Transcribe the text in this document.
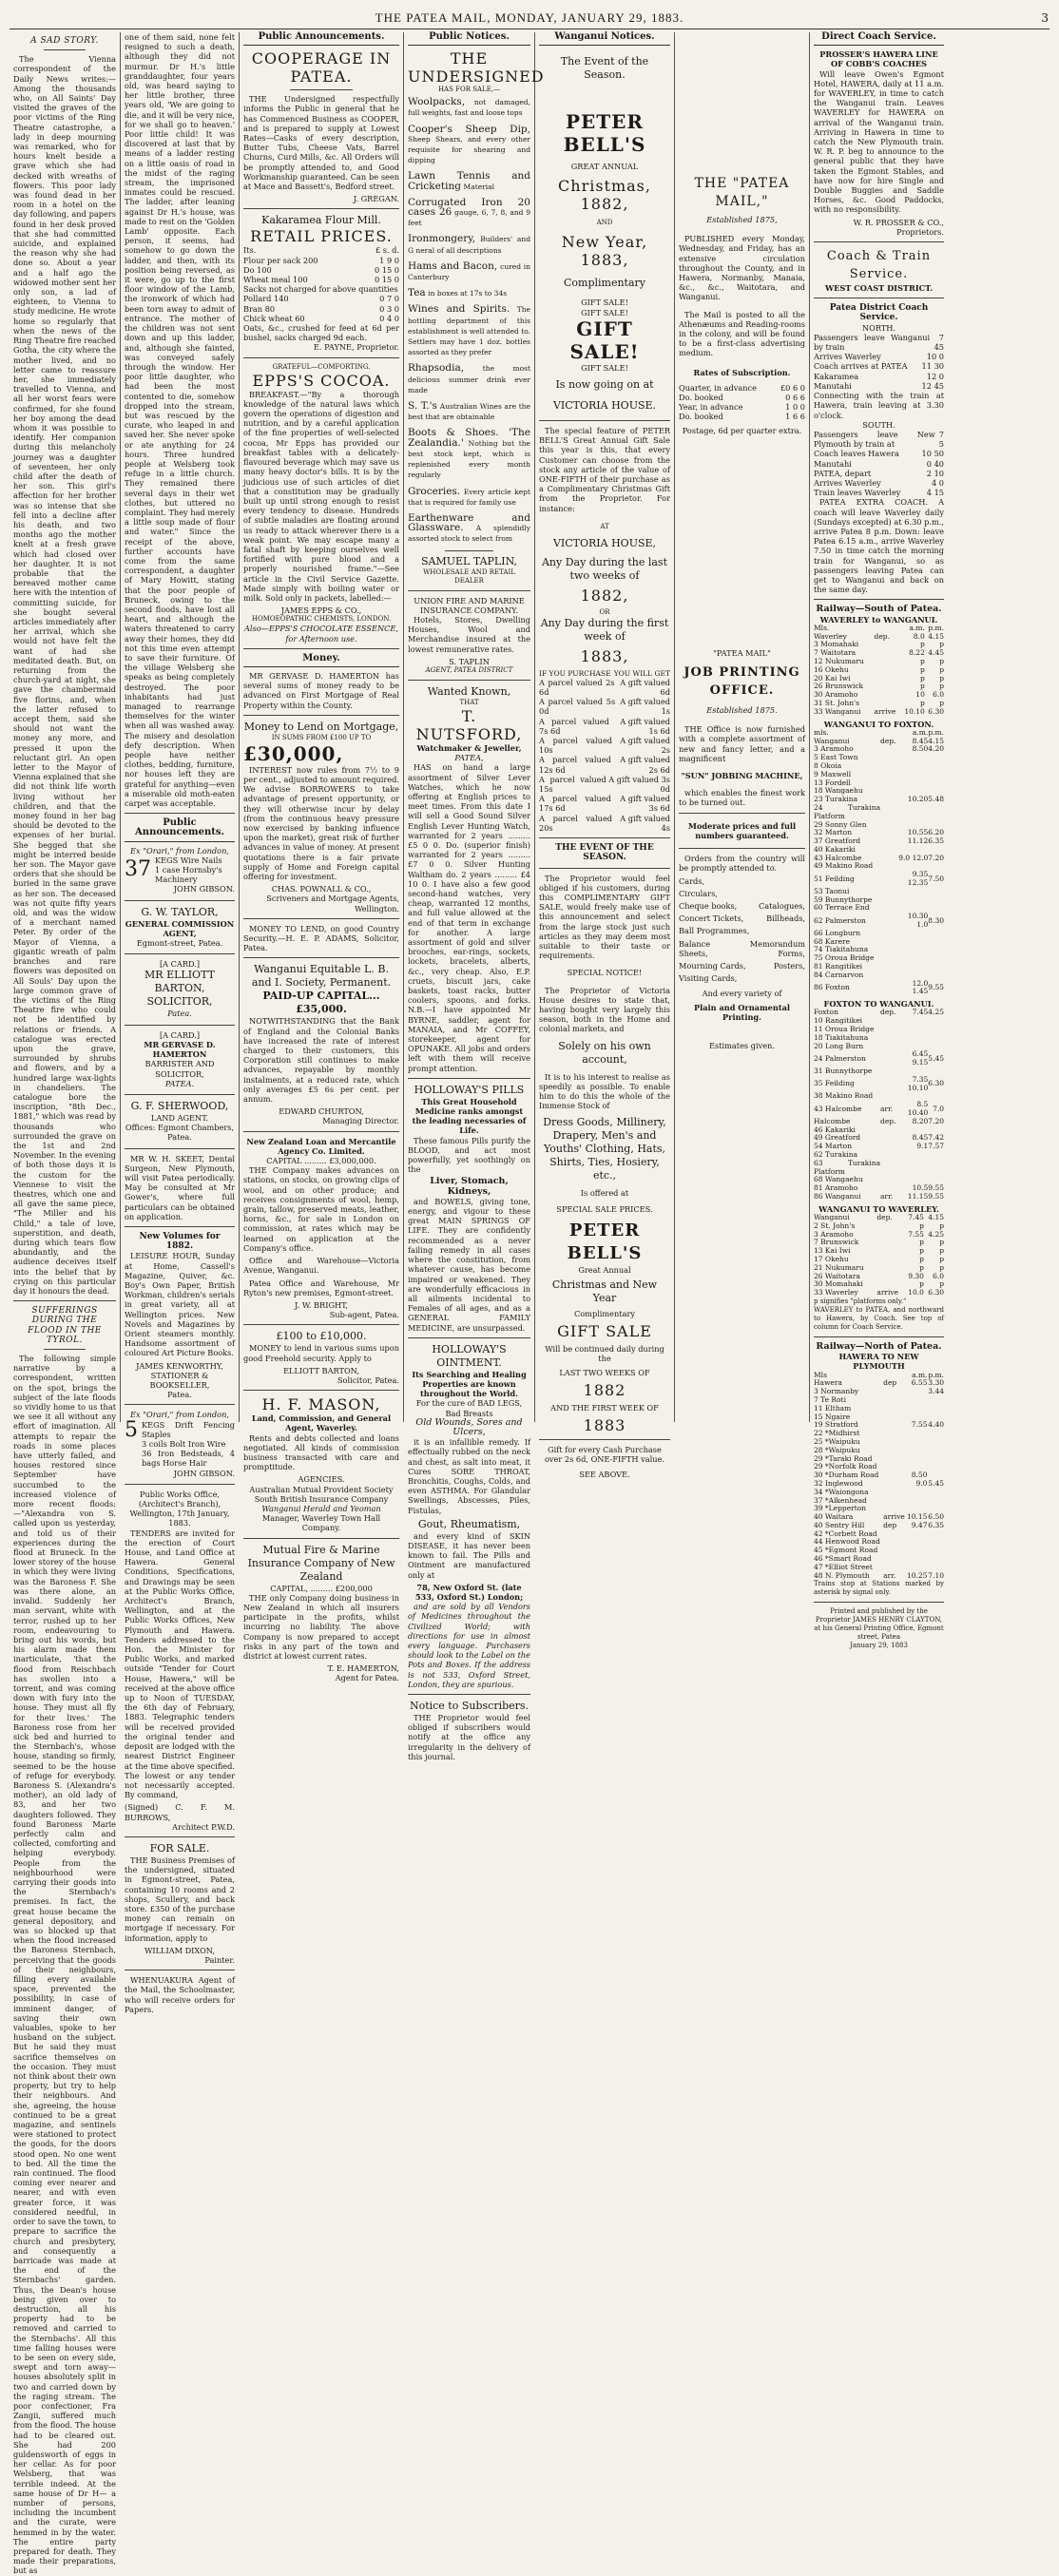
THE PATEA MAIL, MONDAY, JANUARY 29, 1883.	3
A SAD STORY.

The Vienna correspondent of the Daily News writes:—Among the thousands who, on All Saints' Day visited the graves of the poor victims of the Ring Theatre catastrophe, a lady in deep mourning was remarked, who for hours knelt beside a grave which she had decked with wreaths of flowers. This poor lady was found dead in her room in a hotel on the day following, and papers found in her desk proved that she had committed suicide, and explained the reason why she had done so. About a year and a half ago the widowed mother sent her only son, a lad of eighteen, to Vienna to study medicine. He wrote home so regularly that when the news of the Ring Theatre fire reached Gotha, the city where the mother lived, and no letter came to reassure her, she immediately travelled to Vienna, and all her worst fears were confirmed, for she found her boy among the dead whom it was possible to identify. Her companion during this melancholy journey was a daughter of seventeen, her only child after the death of her son. This girl's affection for her brother was so intense that she fell into a decline after his death, and two months ago the mother knelt at a fresh grave which had closed over her daughter. It is not probable that the bereaved mother came here with the intention of committing suicide, for she bought several articles immediately after her arrival, which she would not have felt the want of had she meditated death. But, on returning from the church-yard at night, she gave the chambermaid five florins, and, when the latter refused to accept them, said she should not want the money any more, and pressed it upon the reluctant girl. An open letter to the Mayor of Vienna explained that she did not think life worth living without her children, and that the money found in her bag should be devoted to the expenses of her burial. She begged that she might be interred beside her son. The Mayor gave orders that she should be buried in the same grave as her son. The deceased was not quite fifty years old, and was the widow of a merchant named Peter. By order of the Mayor of Vienna, a gigantic wreath of palm branches and rare flowers was deposited on All Souls' Day upon the large common grave of the victims of the Ring Theatre fire who could not be identified by relations or friends. A catalogue was erected upon the grave, surrounded by shrubs and flowers, and by a hundred large wax-lights in chandeliers. The catalogue bore the inscription, "8th Dec., 1881," which was read by thousands who surrounded the grave on the 1st and 2nd November. In the evening of both those days it is the custom for the Viennese to visit the theatres, which one and all gave the same piece, "The Miller and his Child," a tale of love, superstition, and death, during which tears flow abundantly, and the audience deceives itself into the belief that by crying on this particular day it honours the dead.

SUFFERINGS DURING THE FLOOD IN THE TYROL.

The following simple narrative by a correspondent, written on the spot, brings the subject of the late floods so vividly home to us that we see it all without any effort of imagination. All attempts to repair the roads in some places have utterly failed, and houses restored since September have succumbed to the increased violence of more recent floods:—"Alexandra von S. called upon us yesterday, and told us of their experiences during the flood at Bruneck. In the lower storey of the house in which they were living was the Baroness F. She was there alone, an invalid. Suddenly her man servant, white with terror, rushed up to her room, endeavouring to bring out his words, but his alarm made them inarticulate, 'that the flood from Reischbach has swollen into a torrent, and was coming down with fury into the house. They must all fly for their lives.' The Baroness rose from her sick bed and hurried to the Sternbach's, whose house, standing so firmly, seemed to be the house of refuge for everybody. Baroness S. (Alexandra's mother), an old lady of 83, and her two daughters followed. They found Baroness Marie perfectly calm and collected, comforting and helping everybody. People from the neighbourhood were carrying their goods into the Sternbach's premises. In fact, the great house became the general depository, and was so blocked up that when the flood increased the Baroness Sternbach, perceiving that the goods of their neighbours, filling every available space, prevented the possibility, in case of imminent danger, of saving their own valuables, spoke to her husband on the subject. But he said they must sacrifice themselves on the occasion. They must not think about their own property, but try to help their neighbours. And she, agreeing, the house continued to be a great magazine, and sentinels were stationed to protect the goods, for the doors stood open. No one went to bed. All the time the rain continued. The flood coming ever nearer and nearer, and with even greater force, it was considered needful, in order to save the town, to prepare to sacrifice the church and presbytery, and consequently a barricade was made at the end of the Sternbachs' garden. Thus, the Dean's house being given over to destruction, all his property had to be removed and carried to the Sternbachs'. All this time falling houses were to be seen on every side, swept and torn away—houses absolutely split in two and carried down by the raging stream. The poor confectioner, Fra Zangii, suffered much from the flood. The house had to be cleared out. She had 200 guldensworth of eggs in her cellar. As for poor Welsberg, that was terrible indeed. At the same house of Dr H— a number of persons, including the incumbent and the curate, were hemmed in by the water. The entire party prepared for death. They made their preparations, but as

one of them said, none felt resigned to such a death, although they did not murmur. Dr H.'s little granddaughter, four years old, was heard saying to her little brother, three years old, 'We are going to die, and it will be very nice, for we shall go to heaven.' Poor little child! It was discovered at last that by means of a ladder resting on a little oasis of road in the midst of the raging stream, the imprisoned inmates could be rescued. The ladder, after leaning against Dr H.'s house, was made to rest on the 'Golden Lamb' opposite. Each person, it seems, had somehow to go down the ladder, and then, with its position being reversed, as it were, go up to the first floor window of the Lamb, the ironwork of which had been torn away to admit of entrance. The mother of the children was not sent down and up this ladder, and, although she fainted, was conveyed safely through the window. Her poor little daughter, who had been the most contented to die, somehow dropped into the stream, but was rescued by the curate, who leaped in and saved her. She never spoke or ate anything for 24 hours. Three hundred people at Welsberg took refuge in a little church. They remained there several days in their wet clothes, but uttered no complaint. They had merely a little soup made of flour and water." Since the receipt of the above, further accounts have come from the same correspondent, a daughter of Mary Howitt, stating that the poor people of Bruneck, owing to the second floods, have lost all heart, and although the waters threatened to carry away their homes, they did not this time even attempt to save their furniture. Of the village Welsberg she speaks as being completely destroyed. The poor inhabitants had just managed to rearrange themselves for the winter when all was washed away. The misery and desolation defy description. When people have neither clothes, bedding, furniture, nor houses left they are grateful for anything—even a miserable old moth-eaten carpet was acceptable.

Public Announcements.
Ex "Orari," from London,
37 KEGS Wire Nails
1 case Hornsby's Machinery
JOHN GIBSON.
G. W. TAYLOR,
GENERAL COMMISSION AGENT,
Egmont-street, Patea.
[A CARD.]
MR ELLIOTT BARTON,
SOLICITOR,
Patea.
[A CARD.]
MR GERVASE D. HAMERTON
BARRISTER AND SOLICITOR,
PATEA.
G. F. SHERWOOD,
LAND AGENT.
Offices: Egmont Chambers, Patea.

MR W. H. SKEET, Dental Surgeon, New Plymouth, will visit Patea periodically. May be consulted at Mr Gower's, where full particulars can be obtained on application.

New Volumes for 1882.

LEISURE HOUR, Sunday at Home, Cassell's Magazine, Quiver, &c. Boy's Own Paper, British Workman, children's serials in great variety, all at Wellington prices. New Novels and Magazines by Orient steamers monthly. Handsome assortment of coloured Art Picture Books.

JAMES KENWORTHY,
STATIONER & BOOKSELLER,
Patea.
Ex "Orari," from London,
5 KEGS Drift Fencing Staples
3 coils Bolt Iron Wire
36 Iron Bedsteads, 4 bags Horse Hair
JOHN GIBSON.
Public Works Office,
(Architect's Branch),
Wellington, 17th January, 1883.

TENDERS are invited for the erection of Court House, and Land Office at Hawera. General Conditions, Specifications, and Drawings may be seen at the Public Works Office, Architect's Branch, Wellington, and at the Public Works Offices, New Plymouth and Hawera. Tenders addressed to the Hon. the Minister for Public Works, and marked outside "Tender for Court House, Hawera," will be received at the above office up to Noon of TUESDAY, the 6th day of February, 1883. Telegraphic tenders will be received provided the original tender and deposit are lodged with the nearest District Engineer at the time above specified. The lowest or any tender not necessarily accepted. By command,

(Signed) C. F. M. BURROWS,
Architect P.W.D.
FOR SALE.

THE Business Premises of the undersigned, situated in Egmont-street, Patea, containing 10 rooms and 2 shops, Scullery, and back store. £350 of the purchase money can remain on mortgage if necessary. For information, apply to

WILLIAM DIXON,
Painter.

WHENUAKURA Agent of the Mail, the Schoolmaster, who will receive orders for Papers.

Public Announcements.
COOPERAGE IN PATEA.

THE Undersigned respectfully informs the Public in general that he has Commenced Business as COOPER, and is prepared to supply at Lowest Rates—Casks of every description, Butter Tubs, Cheese Vats, Barrel Churns, Curd Mills, &c. All Orders will be promptly attended to, and Good Workmanship guaranteed. Can be seen at Mace and Bassett's, Bedford street.

J. GREGAN.
Kakaramea Flour Mill.
RETAIL PRICES.
Its.	£ s. d.
Flour per sack 200	1 9 0
Do 100	0 15 0
Wheat meal 100	0 15 0
Sacks not charged for above quantities
Pollard 140	0 7 0
Bran 80	0 3 0
Chick wheat 60	0 4 0
Oats, &c., crushed for feed at 6d per bushel, sacks charged 9d each.
E. PAYNE, Proprietor.
GRATEFUL—COMFORTING.
EPPS'S COCOA.

BREAKFAST.—"By a thorough knowledge of the natural laws which govern the operations of digestion and nutrition, and by a careful application of the fine properties of well-selected cocoa, Mr Epps has provided our breakfast tables with a delicately-flavoured beverage which may save us many heavy doctor's bills. It is by the judicious use of such articles of diet that a constitution may be gradually built up until strong enough to resist every tendency to disease. Hundreds of subtle maladies are floating around us ready to attack wherever there is a weak point. We may escape many a fatal shaft by keeping ourselves well fortified with pure blood and a properly nourished frame."—See article in the Civil Service Gazette. Made simply with boiling water or milk. Sold only in packets, labelled:—

JAMES EPPS & CO.,
HOMOEOPATHIC CHEMISTS, LONDON.
Also—EPPS'S CHOCOLATE ESSENCE, for Afternoon use.
Money.

MR GERVASE D. HAMERTON has several sums of money ready to be advanced on First Mortgage of Real Property within the County.

Money to Lend on Mortgage,
IN SUMS FROM £100 UP TO
£30,000,

INTEREST now rules from 7½ to 9 per cent., adjusted to amount required. We advise BORROWERS to take advantage of present opportunity, or they will otherwise incur by delay (from the continuous heavy pressure now exercised by banking influence upon the market), great risk of further advances in value of money. At present quotations there is a fair private supply of Home and Foreign capital offering for investment.

CHAS. POWNALL & CO.,
Scriveners and Mortgage Agents, Wellington.

MONEY TO LEND, on good Country Security.—H. E. P. ADAMS, Solicitor, Patea.

Wanganui Equitable L. B. and I. Society, Permanent.
PAID-UP CAPITAL...£35,000.

NOTWITHSTANDING that the Bank of England and the Colonial Banks have increased the rate of interest charged to their customers, this Corporation still continues to make advances, repayable by monthly instalments, at a reduced rate, which only averages £5 6s per cent. per annum.

EDWARD CHURTON,
Managing Director.
New Zealand Loan and Mercantile Agency Co. Limited.
CAPITAL ......... £3,000,000.

THE Company makes advances on stations, on stocks, on growing clips of wool, and on other produce; and receives consignments of wool, hemp, grain, tallow, preserved meats, leather, horns, &c., for sale in London on commission, at rates which may be learned on application at the Company's office.

Office and Warehouse—Victoria Avenue, Wanganui.

Patea Office and Warehouse, Mr Ryton's new premises, Egmont-street.

J. W. BRIGHT,
Sub-agent, Patea.
£100 to £10,000.

MONEY to lend in various sums upon good Freehold security. Apply to

ELLIOTT BARTON,
Solicitor, Patea.
H. F. MASON,
Land, Commission, and General Agent, Waverley.

Rents and debts collected and loans negotiated. All kinds of commission business transacted with care and promptitude.

AGENCIES.
Australian Mutual Provident Society
South British Insurance Company
Wanganui Herald and Yeoman
Manager, Waverley Town Hall Company.
Mutual Fire & Marine Insurance Company of New Zealand
CAPITAL, ......... £200,000

THE only Company doing business in New Zealand in which all insurers participate in the profits, whilst incurring no liability. The above Company is now prepared to accept risks in any part of the town and district at lowest current rates.

T. E. HAMERTON,
Agent for Patea.
Public Notices.
THE UNDERSIGNED
HAS FOR SALE,—
Woolpacks, not damaged, full weights, fast and loose tops
Cooper's Sheep Dip, Sheep Shears, and every other requisite for shearing and dipping
Lawn Tennis and Cricketing Material
Corrugated Iron 20 cases 26 gauge, 6, 7, 8, and 9 feet
Ironmongery, Builders' and G neral of all descriptions
Hams and Bacon, cured in Canterbury
Tea in boxes at 17s to 34s
Wines and Spirits. The bottling department of this establishment is well attended to. Settlers may have 1 doz. bottles assorted as they prefer
Rhapsodia,	the most delicious summer drink ever made
S. T.'s Australian Wines are the best that are obtainable
Boots & Shoes. 'The Zealandia.' Nothing but the best stock kept, which is replenished every month regularly
Groceries. Every article kept that is required for family use
Earthenware and Glassware. A splendidly assorted stock to select from
SAMUEL TAPLIN,
WHOLESALE AND RETAIL DEALER
UNION FIRE AND MARINE INSURANCE COMPANY.

Hotels, Stores, Dwelling Houses, Wool and Merchandise insured at the lowest remunerative rates.

S. TAPLIN
AGENT, PATEA DISTRICT
Wanted Known,
THAT
T. NUTSFORD,
Watchmaker & Jeweller,
PATEA,

HAS on hand a large assortment of Silver Lever Watches, which he now offering at English prices to meet times. From this date I will sell a Good Sound Silver English Lever Hunting Watch, warranted for 2 years ......... £5 0 0. Do. (superior finish) warranted for 2 years ......... £7 0 0. Silver Hunting Waltham do. 2 years ......... £4 10 0. I have also a few good second-hand watches, very cheap, warranted 12 months, and full value allowed at the end of that term in exchange for another. A large assortment of gold and silver brooches, ear-rings, sockets, lockets, bracelets, alberts, &c., very cheap. Also, E.P. cruets, biscuit jars, cake baskets, toast racks, butter coolers, spoons, and forks. N.B.—I have appointed Mr BYRNE, saddler, agent for MANAIA, and Mr COFFEY, storekeeper, agent for OPUNAKE. All jobs and orders left with them will receive prompt attention.

HOLLOWAY'S PILLS
This Great Household Medicine ranks amongst the leading necessaries of Life.

These famous Pills purify the BLOOD, and act most powerfully, yet soothingly on the

Liver, Stomach, Kidneys,

and BOWELS, giving tone, energy, and vigour to these great MAIN SPRINGS OF LIFE. They are confidently recommended as a never failing remedy in all cases where the constitution, from whatever cause, has become impaired or weakened. They are wonderfully efficacious in all ailments incidental to Females of all ages, and as a GENERAL FAMILY MEDICINE, are unsurpassed.

HOLLOWAY'S OINTMENT.
Its Searching and Healing Properties are known throughout the World.
For the cure of BAD LEGS, Bad Breasts
Old Wounds, Sores and Ulcers,

it is an infallible remedy. If effectually rubbed on the neck and chest, as salt into meat, it Cures SORE THROAT, Bronchitis, Coughs, Colds, and even ASTHMA. For Glandular Swellings, Abscesses, Piles, Fistulas,

Gout, Rheumatism,

and every kind of SKIN DISEASE, it has never been known to fail. The Pills and Ointment are manufactured only at

78, New Oxford St. (late 533, Oxford St.) London;

and are sold by all Vendors of Medicines throughout the Civilized World; with directions for use in almost every language. Purchasers should look to the Label on the Pots and Boxes. If the address is not 533, Oxford Street, London, they are spurious.

Notice to Subscribers.

THE Proprietor would feel obliged if subscribers would notify at the office any irregularity in the delivery of this journal.

Wanganui Notices.
The Event of the Season.
PETER BELL'S
GREAT ANNUAL
Christmas, 1882,
AND
New Year, 1883,
Complimentary
GIFT SALE!
GIFT SALE!
GIFT SALE!
GIFT SALE!
Is now going on at
VICTORIA HOUSE.

The special feature of PETER BELL'S Great Annual Gift Sale this year is this, that every Customer can choose from the stock any article of the value of ONE-FIFTH of their purchase as a Complimentary Christmas Gift from the Proprietor. For instance:

AT
VICTORIA HOUSE,
Any Day during the last two weeks of
1882,
OR
Any Day during the first week of
1883,
IF YOU PURCHASE YOU WILL GET
A parcel valued 2s 6d
A gift valued 6d
A parcel valued 5s 0d
A gift valued 1s
A parcel valued 7s 6d
A gift valued 1s 6d
A parcel valued 10s
A gift valued 2s
A parcel valued 12s 6d
A gift valued 2s 6d
A parcel valued 15s
A gift valued 3s 0d
A parcel valued 17s 6d
A gift valued 3s 6d
A parcel valued 20s
A gift valued 4s
THE EVENT OF THE SEASON.

The Proprietor would feel obliged if his customers, during this COMPLIMENTARY GIFT SALE, would freely make use of this announcement and select from the large stock just such articles as they may deem most suitable to their taste or requirements.

SPECIAL NOTICE!

The Proprietor of Victoria House desires to state that, having bought very largely this season, both in the Home and colonial markets, and

Solely on his own account,

It is to his interest to realise as speedily as possible. To enable him to do this the whole of the Immense Stock of

Dress Goods, Millinery, Drapery, Men's and Youths' Clothing, Hats, Shirts, Ties, Hosiery, etc.,
Is offered at
SPECIAL SALE PRICES.
PETER BELL'S
Great Annual
Christmas and New Year
Complimentary
GIFT SALE
Will be continued daily during the
LAST TWO WEEKS OF
1882
AND THE FIRST WEEK OF
1883
Gift for every Cash Purchase over 2s 6d, ONE-FIFTH value.
SEE ABOVE.
THE "PATEA MAIL,"
Established 1875,

PUBLISHED every Monday, Wednesday, and Friday, has an extensive circulation throughout the County, and in Hawera, Normanby, Manaia, &c., &c., Waitotara, and Wanganui.

The Mail is posted to all the Athenæums and Reading-rooms in the colony, and will be found to be a first-class advertising medium.

Rates of Subscription.
Quarter, in advance	£0 6 0
Do. booked	0 6 6
Year, in advance	1 0 0
Do. booked	1 6 6
Postage, 6d per quarter extra.
"PATEA MAIL"
JOB PRINTING OFFICE.
Established 1875.

THE Office is now furnished with a complete assortment of new and fancy letter, and a magnificent

"SUN" JOBBING MACHINE,

which enables the finest work to be turned out.

Moderate prices and full numbers guaranteed.

Orders from the country will be promptly attended to.

Cards,
Circulars,
Cheque books,	Catalogues,
Concert Tickets,	Billheads,
Ball Programmes,
Balance Sheets,
Memorandum Forms,
Mourning Cards,	Posters,
Visiting Cards,
And every variety of
Plain and Ornamental Printing.
Estimates given.
Direct Coach Service.
PROSSER'S HAWERA LINE OF COBB'S COACHES

Will leave Owen's Egmont Hotel, HAWERA, daily at 11 a.m. for WAVERLEY, in time to catch the Wanganui train. Leaves WAVERLEY for HAWERA on arrival of the Wanganui train. Arriving in Hawera in time to catch the New Plymouth train. W. R. P. beg to announce to the general public that they have taken the Egmont Stables, and have now for hire Single and Double Buggies and Saddle Horses, &c. Good Paddocks, with no responsibility.

W. R. PROSSER & CO.,
Proprietors.
Coach & Train Service.
WEST COAST DISTRICT.
Patea District Coach Service.
NORTH.
Passengers leave Wanganui by train
7 45
Arrives Waverley	10 0
Coach arrives at PATEA 11 30
Kakaramea	12 0
Manutahi	12 45
Connecting with the train at Hawera, train leaving at 3.30 o'clock.
SOUTH.
Passengers leave New Plymouth by train at
7 5
Coach leaves Hawera	10 50
Manutahi	0 40
PATEA, depart	2 10
Arrives Waverley	4 0
Train leaves Waverley	4 15

PATEA EXTRA COACH. A coach will leave Waverley daily (Sundays excepted) at 6.30 p.m., arrive Patea 8 p.m. Down: leave Patea 6.15 a.m., arrive Waverley 7.50 in time catch the morning train for Wanganui, so as passengers leaving Patea can get to Wanganui and back on the same day.

Railway—South of Patea.
WAVERLEY to WANGANUI.
Mls.		a.m.	p.m.
Waverley	dep.	8.0	4.15
3 Momahaki		p	p
7 Waitotara		8.22	4.45
12 Nukumaru		p	p
16 Okehu		p	p
20 Kai Iwi		p	p
26 Brunswick		p	p
30 Aramoho		10	6.0
31 St. John's		p	p
33 Wanganui	arrive	10.10	6.30
WANGANUI TO FOXTON.
mls.		a.m.	p.m.
Wanganui	dep.	8.45	4.15
3 Aramoho		8.50	4.20
5 East Town			
8 Okoia			
9 Maxwell			
13 Fordell			
18 Wangaehu			
23 Turakina		10.20	5.48
24 Turakina Platform			
29 Sonny Glen			
32 Marton		10.55	6.20
37 Greatford		11.12	6.35
40 Kakariki			
43 Halcombe		9.0 12.0	7.20
49 Makino Road			
51 Feilding		9.35 12.35	7.50
53 Taonui			
59 Bunnythorpe			
60 Terrace End			
62 Palmerston		10.30 1.0	8.30
66 Longburn			
68 Karere			
74 Tiakitahuna			
75 Oroua Bridge			
81 Rangitikei			
84 Carnarvon			
86 Foxton		12.0 1.45	9.55
FOXTON TO WANGANUI.
Foxton	dep.	7.45	4.25
10 Rangitikei			
11 Oroua Bridge			
18 Tiakitahuna			
20 Long Burn			
24 Palmerston		6.45 9.15	5.45
31 Bunnythorpe			
35 Feilding		7.35 10.10	6.30
38 Makino Road			
43 Halcombe	arr.	8.5 10.40	7.0
Halcombe	dep.	8.20	7.20
46 Kakariki			
49 Greatford		8.45	7.42
54 Marton		9.1	7.57
62 Turakina			
63 Turakina Platform			
68 Wangaehu			
81 Aramoho		10.5	9.55
86 Wanganui	arr.	11.15	9.55
WANGANUI TO WAVERLEY.
Wanganui	dep.	7.45	4.15
2 St. John's		p	p
3 Aramoho		7.55	4.25
7 Brunswick		p	p
13 Kai Iwi		p	p
17 Okehu		p	p
21 Nukumaru		p	p
26 Waitotara		9.30	6.0
30 Momahaki		p	p
33 Waverley	arrive	10.0	6.30
p signifies "platforms only."
WAVERLEY to PATEA, and northward to Hawera, by Coach. See top of column for Coach Service.
Railway—North of Patea.
HAWERA TO NEW PLYMOUTH
Mls		a.m.	p.m.
Hawera	dep	6.55	3.30
3 Normanby			3.44
7 Te Roti			
11 Eltham			
15 Ngaire			
19 Stratford		7.55	4.40
22 *Midhirst			
25 *Waipuku			
28 *Waipuku			
29 *Taraki Road			
29 *Norfolk Road			
30 *Durham Road		8.50	
32 Inglewood		9.0	5.45
34 *Waiongona			
37 *Alkenhead			
39 *Lepperton			
40 Waitara	arrive	10.15	6.50
40 Sentry Hill	dep	9.47	6.35
42 *Corbett Road			
44 Henwood Road			
45 *Egmont Road			
46 *Smart Road			
47 *Elliot Street			
48 N. Plymouth	arr.	10.25	7.10
Trains stop at Stations marked by asterisk by signal only.
Printed and published by the Proprietor JAMES HENRY CLAYTON, at his General Printing Office, Egmont street, Patea
January 29, 1883
